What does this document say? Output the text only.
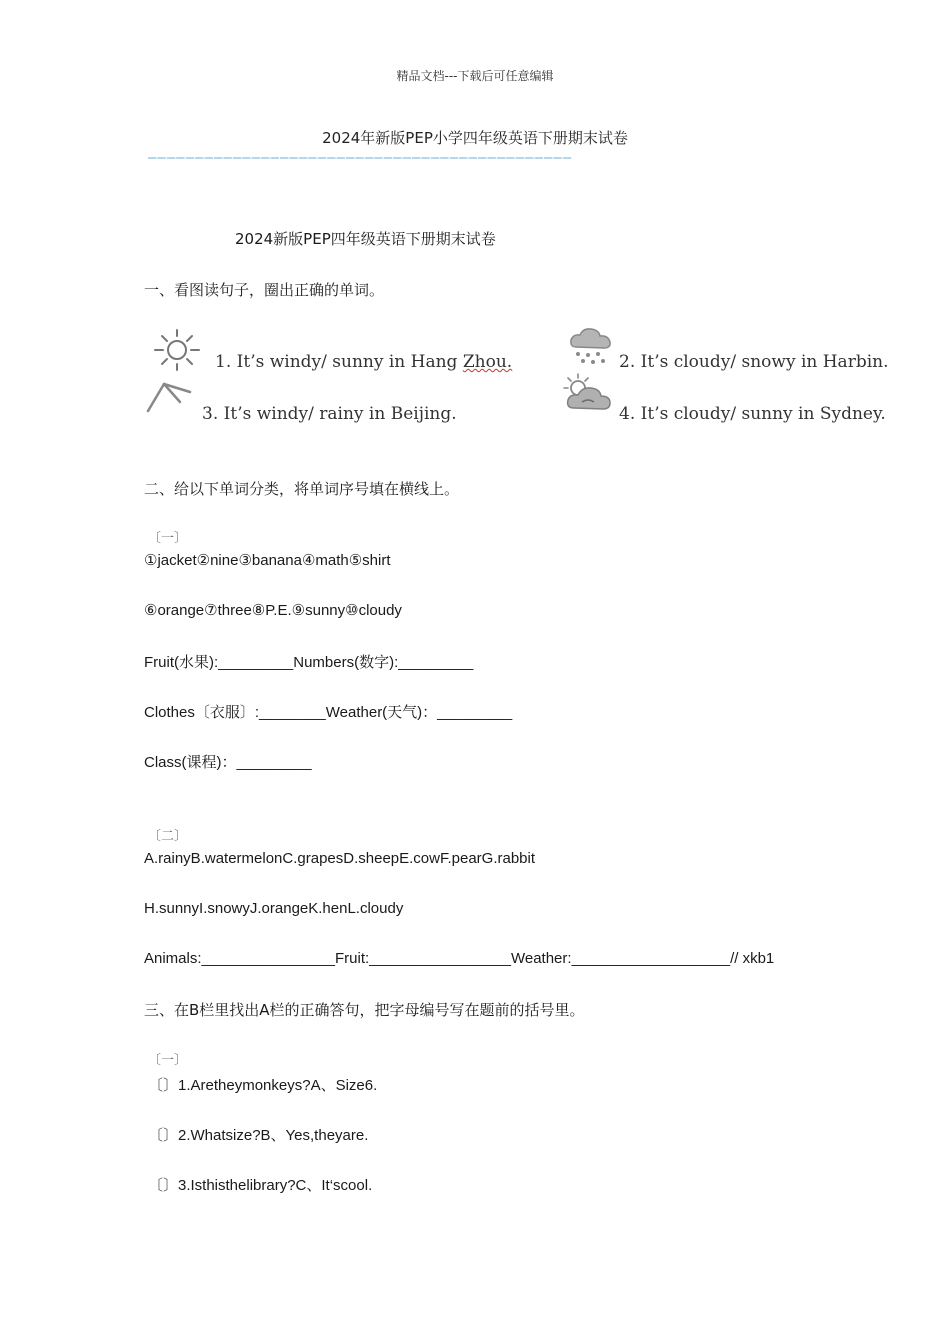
精品文档---下载后可任意编辑
2024年新版PEP小学四年级英语下册期末试卷
—————————————————————————————————————————————
2024新版PEP四年级英语下册期末试卷
一、看图读句子，圈出正确的单词。
1. It’s windy/ sunny in Hang Zhou.	2. It’s cloudy/ snowy in Harbin.
3. It’s windy/ rainy in Beijing.	4. It’s cloudy/ sunny in Sydney.
二、给以下单词分类，将单词序号填在横线上。
〔一〕
①jacket②nine③banana④math⑤shirt
⑥orange⑦three⑧P.E.⑨sunny⑩cloudy
Fruit(水果):_________Numbers(数字):_________
Clothes〔衣服〕:________Weather(天气)：_________
Class(课程)：_________
〔二〕
A.rainyB.watermelonC.grapesD.sheepE.cowF.pearG.rabbit
H.sunnyI.snowyJ.orangeK.henL.cloudy
Animals:________________Fruit:_________________Weather:___________________// xkb1
三、在B栏里找出A栏的正确答句，把字母编号写在题前的括号里。
〔一〕
〔〕1.Aretheymonkeys?A、Size6.
〔〕2.Whatsize?B、Yes,theyare.
〔〕3.Isthisthelibrary?C、It‘scool.
